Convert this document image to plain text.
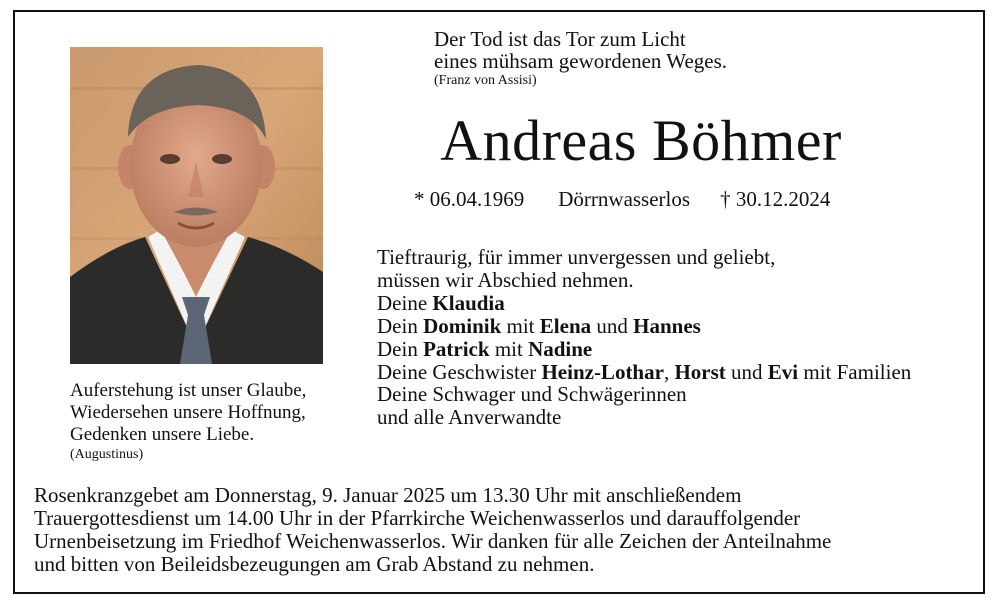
Der Tod ist das Tor zum Licht
eines mühsam gewordenen Weges.
(Franz von Assisi)
Andreas Böhmer
* 06.04.1969 Dörrnwasserlos † 30.12.2024
Tieftraurig, für immer unvergessen und geliebt,
müssen wir Abschied nehmen.
Deine Klaudia
Dein Dominik mit Elena und Hannes
Dein Patrick mit Nadine
Deine Geschwister Heinz-Lothar, Horst und Evi mit Familien
Deine Schwager und Schwägerinnen
und alle Anverwandte
Auferstehung ist unser Glaube,
Wiedersehen unsere Hoffnung,
Gedenken unsere Liebe.
(Augustinus)
Rosenkranzgebet am Donnerstag, 9. Januar 2025 um 13.30 Uhr mit anschließendem
Trauergottesdienst um 14.00 Uhr in der Pfarrkirche Weichenwasserlos und darauffolgender
Urnenbeisetzung im Friedhof Weichenwasserlos. Wir danken für alle Zeichen der Anteilnahme
und bitten von Beileidsbezeugungen am Grab Abstand zu nehmen.
